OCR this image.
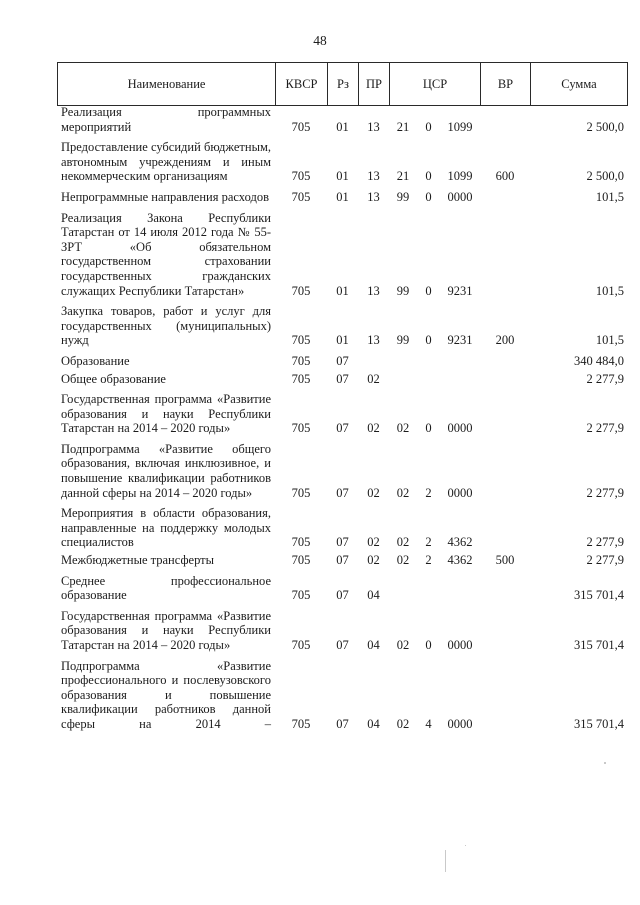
48
Наименование	КВСР	Рз	ПР	ЦСР	ВР	Сумма
Реализация программных мероприятий	705	01	13	21	0	1099		2 500,0
Предоставление субсидий бюджетным, автономным учреждениям и иным некоммерческим организациям	705	01	13	21	0	1099	600	2 500,0
Непрограммные направления расходов	705	01	13	99	0	0000		101,5
Реализация Закона Республики Татарстан от 14 июля 2012 года № 55-ЗРТ «Об обязательном государственном страховании государственных гражданских служащих Республики Татарстан»	705	01	13	99	0	9231		101,5
Закупка товаров, работ и услуг для государственных (муниципальных) нужд	705	01	13	99	0	9231	200	101,5
Образование	705	07						340 484,0
Общее образование	705	07	02					2 277,9
Государственная программа «Развитие образования и науки Республики Татарстан на 2014 – 2020 годы»	705	07	02	02	0	0000		2 277,9
Подпрограмма «Развитие общего образования, включая инклюзивное, и повышение квалификации работников данной сферы на 2014 – 2020 годы»	705	07	02	02	2	0000		2 277,9
Мероприятия в области образования, направленные на поддержку молодых специалистов	705	07	02	02	2	4362		2 277,9
Межбюджетные трансферты	705	07	02	02	2	4362	500	2 277,9
Среднее профессиональное образование	705	07	04					315 701,4
Государственная программа «Развитие образования и науки Республики Татарстан на 2014 – 2020 годы»	705	07	04	02	0	0000		315 701,4
Подпрограмма «Развитие профессионального и послевузовского образования и повышение квалификации работников данной сферы на 2014 –	705	07	04	02	4	0000		315 701,4
